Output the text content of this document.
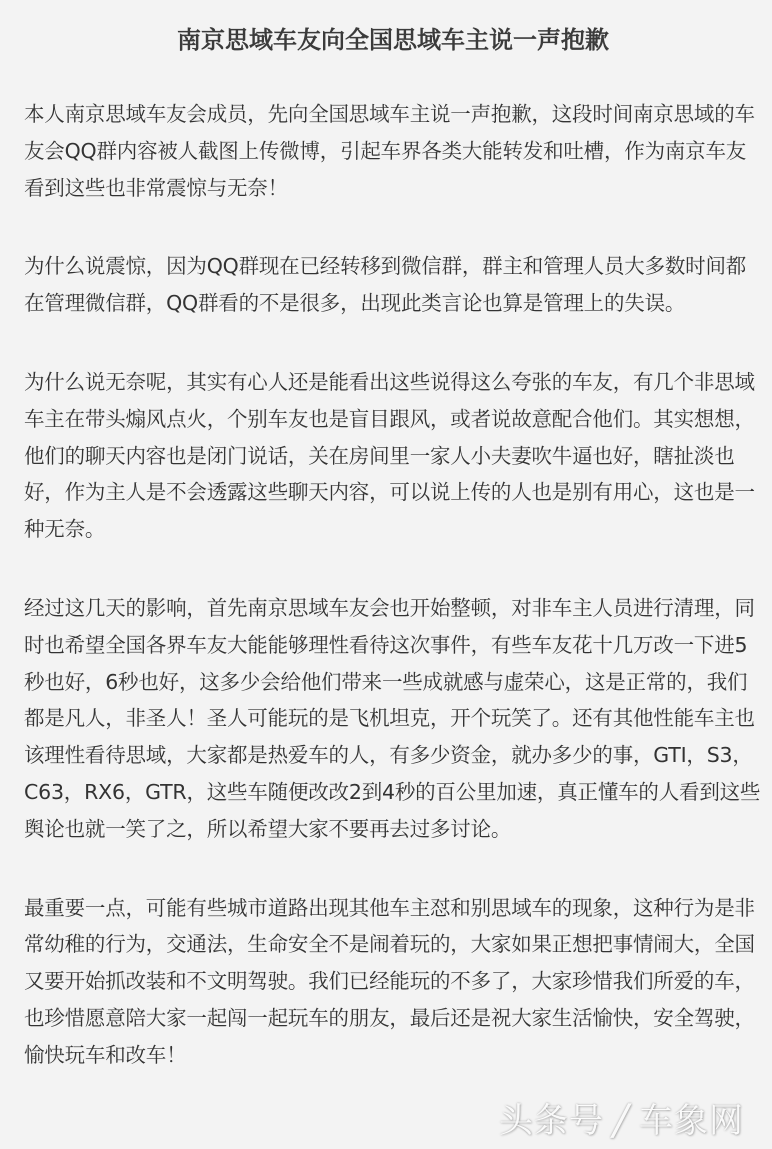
南京思域车友向全国思域车主说一声抱歉

本人南京思域车友会成员，先向全国思域车主说一声抱歉，这段时间南京思域的车友会QQ群内容被人截图上传微博，引起车界各类大能转发和吐槽，作为南京车友看到这些也非常震惊与无奈！

为什么说震惊，因为QQ群现在已经转移到微信群，群主和管理人员大多数时间都在管理微信群，QQ群看的不是很多，出现此类言论也算是管理上的失误。

为什么说无奈呢，其实有心人还是能看出这些说得这么夸张的车友，有几个非思域车主在带头煽风点火，个别车友也是盲目跟风，或者说故意配合他们。其实想想，他们的聊天内容也是闭门说话，关在房间里一家人小夫妻吹牛逼也好，瞎扯淡也好，作为主人是不会透露这些聊天内容，可以说上传的人也是别有用心，这也是一种无奈。

经过这几天的影响，首先南京思域车友会也开始整顿，对非车主人员进行清理，同时也希望全国各界车友大能能够理性看待这次事件，有些车友花十几万改一下进5秒也好，6秒也好，这多少会给他们带来一些成就感与虚荣心，这是正常的，我们都是凡人，非圣人！圣人可能玩的是飞机坦克，开个玩笑了。还有其他性能车主也该理性看待思域，大家都是热爱车的人，有多少资金，就办多少的事，GTI，S3，C63，RX6，GTR，这些车随便改改2到4秒的百公里加速，真正懂车的人看到这些舆论也就一笑了之，所以希望大家不要再去过多讨论。

最重要一点，可能有些城市道路出现其他车主怼和别思域车的现象，这种行为是非常幼稚的行为，交通法，生命安全不是闹着玩的，大家如果正想把事情闹大，全国又要开始抓改装和不文明驾驶。我们已经能玩的不多了，大家珍惜我们所爱的车，也珍惜愿意陪大家一起闯一起玩车的朋友，最后还是祝大家生活愉快，安全驾驶，愉快玩车和改车！

头条号 / 车象网
